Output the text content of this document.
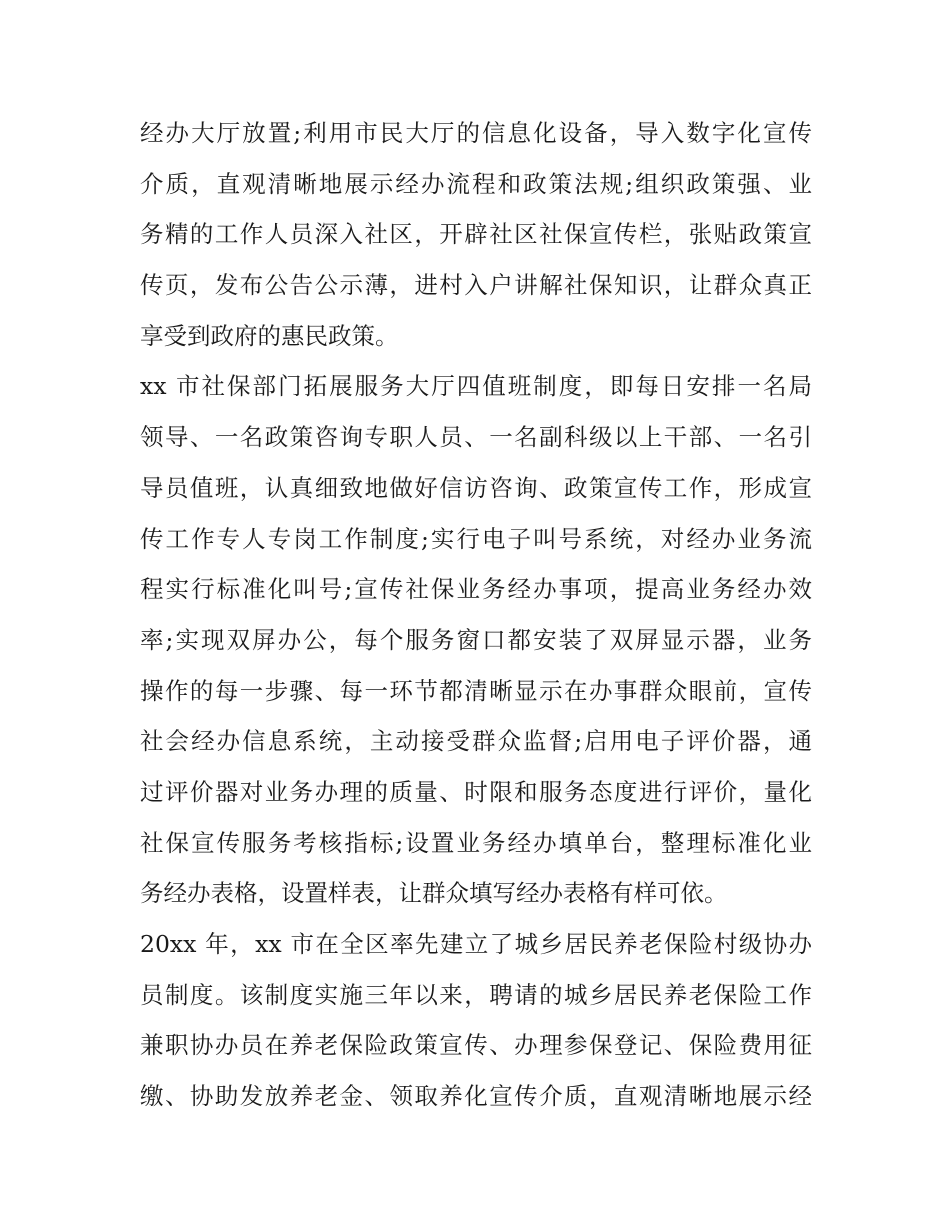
经办大厅放置;利用市民大厅的信息化设备，导入数字化宣传
介质，直观清晰地展示经办流程和政策法规;组织政策强、业
务精的工作人员深入社区，开辟社区社保宣传栏，张贴政策宣
传页，发布公告公示薄，进村入户讲解社保知识，让群众真正
享受到政府的惠民政策。
xx 市社保部门拓展服务大厅四值班制度，即每日安排一名局
领导、一名政策咨询专职人员、一名副科级以上干部、一名引
导员值班，认真细致地做好信访咨询、政策宣传工作，形成宣
传工作专人专岗工作制度;实行电子叫号系统，对经办业务流
程实行标准化叫号;宣传社保业务经办事项，提高业务经办效
率;实现双屏办公，每个服务窗口都安装了双屏显示器，业务
操作的每一步骤、每一环节都清晰显示在办事群众眼前，宣传
社会经办信息系统，主动接受群众监督;启用电子评价器，通
过评价器对业务办理的质量、时限和服务态度进行评价，量化
社保宣传服务考核指标;设置业务经办填单台，整理标准化业
务经办表格，设置样表，让群众填写经办表格有样可依。
20xx 年，xx 市在全区率先建立了城乡居民养老保险村级协办
员制度。该制度实施三年以来，聘请的城乡居民养老保险工作
兼职协办员在养老保险政策宣传、办理参保登记、保险费用征
缴、协助发放养老金、领取养化宣传介质，直观清晰地展示经
